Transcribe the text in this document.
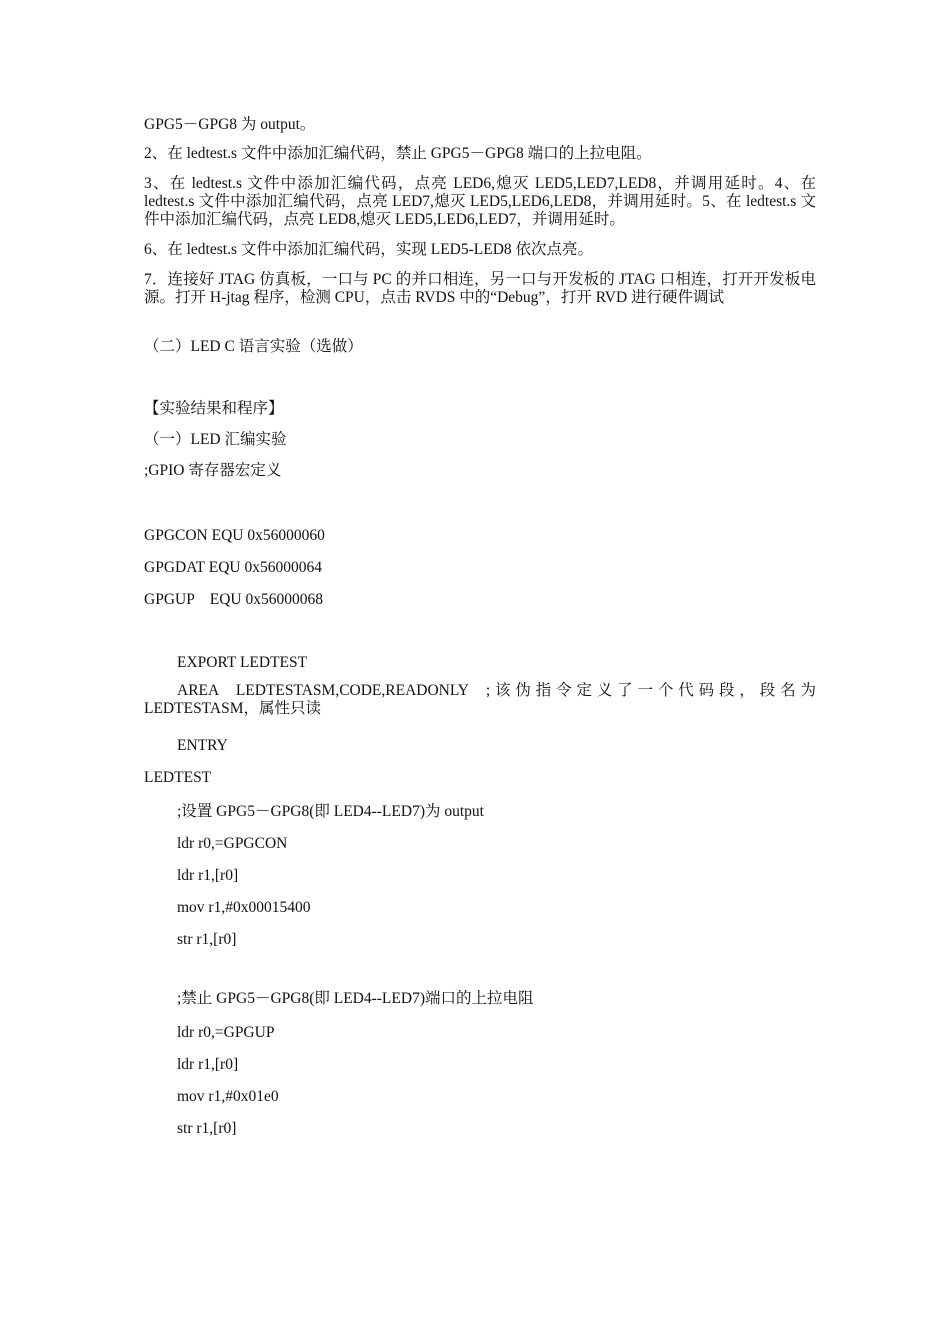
GPG5－GPG8 为 output。
2、在 ledtest.s 文件中添加汇编代码，禁止 GPG5－GPG8 端口的上拉电阻。
3、在 ledtest.s 文件中添加汇编代码，点亮 LED6,熄灭 LED5,LED7,LED8，并调用延时。4、在 ledtest.s 文件中添加汇编代码，点亮 LED7,熄灭 LED5,LED6,LED8，并调用延时。5、在 ledtest.s 文件中添加汇编代码，点亮 LED8,熄灭 LED5,LED6,LED7，并调用延时。
6、在 ledtest.s 文件中添加汇编代码，实现 LED5-LED8 依次点亮。
7．连接好 JTAG 仿真板，一口与 PC 的并口相连，另一口与开发板的 JTAG 口相连，打开开发板电源。打开 H-jtag 程序，检测 CPU，点击 RVDS 中的“Debug”，打开 RVD 进行硬件调试
（二）LED C 语言实验（选做）
【实验结果和程序】
（一）LED 汇编实验
;GPIO 寄存器宏定义
GPGCON EQU 0x56000060
GPGDAT EQU 0x56000064
GPGUP    EQU 0x56000068
EXPORT LEDTEST
AREA  LEDTESTASM,CODE,READONLY  ;该伪指令定义了一个代码段，段名为 LEDTESTASM，属性只读
ENTRY
LEDTEST
;设置 GPG5－GPG8(即 LED4--LED7)为 output
ldr r0,=GPGCON
ldr r1,[r0]
mov r1,#0x00015400
str r1,[r0]
;禁止 GPG5－GPG8(即 LED4--LED7)端口的上拉电阻
ldr r0,=GPGUP
ldr r1,[r0]
mov r1,#0x01e0
str r1,[r0]
